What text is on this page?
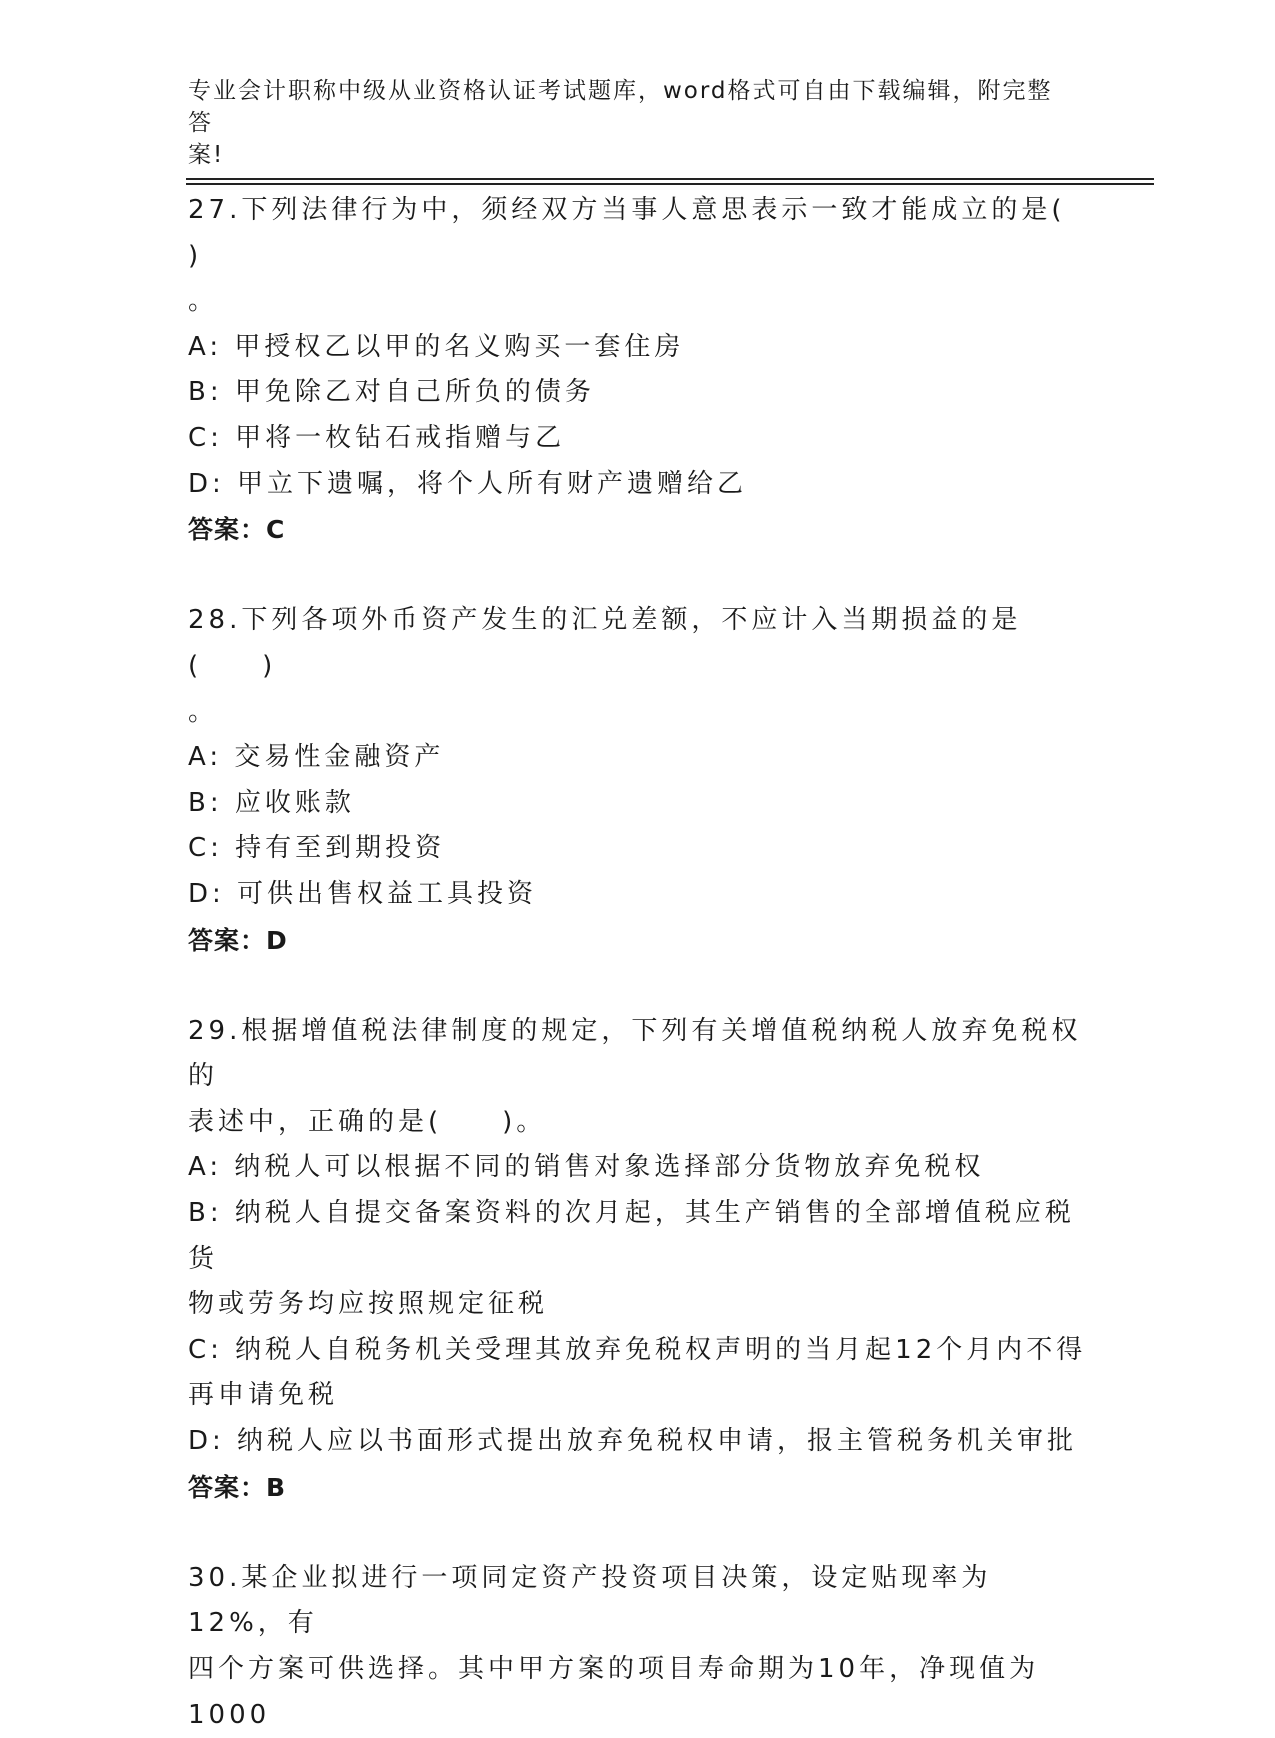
专业会计职称中级从业资格认证考试题库，word格式可自由下载编辑，附完整答
案!
27.下列法律行为中，须经双方当事人意思表示一致才能成立的是( )
。
A: 甲授权乙以甲的名义购买一套住房
B: 甲免除乙对自己所负的债务
C: 甲将一枚钻石戒指赠与乙
D: 甲立下遗嘱，将个人所有财产遗赠给乙
答案：C
28.下列各项外币资产发生的汇兑差额，不应计入当期损益的是(　　)
。
A: 交易性金融资产
B: 应收账款
C: 持有至到期投资
D: 可供出售权益工具投资
答案：D
29.根据增值税法律制度的规定，下列有关增值税纳税人放弃免税权的
表述中，正确的是(　　)。
A: 纳税人可以根据不同的销售对象选择部分货物放弃免税权
B: 纳税人自提交备案资料的次月起，其生产销售的全部增值税应税货
物或劳务均应按照规定征税
C: 纳税人自税务机关受理其放弃免税权声明的当月起12个月内不得
再申请免税
D: 纳税人应以书面形式提出放弃免税权申请，报主管税务机关审批
答案：B
30.某企业拟进行一项同定资产投资项目决策，设定贴现率为12%，有
四个方案可供选择。其中甲方案的项目寿命期为10年，净现值为1000
